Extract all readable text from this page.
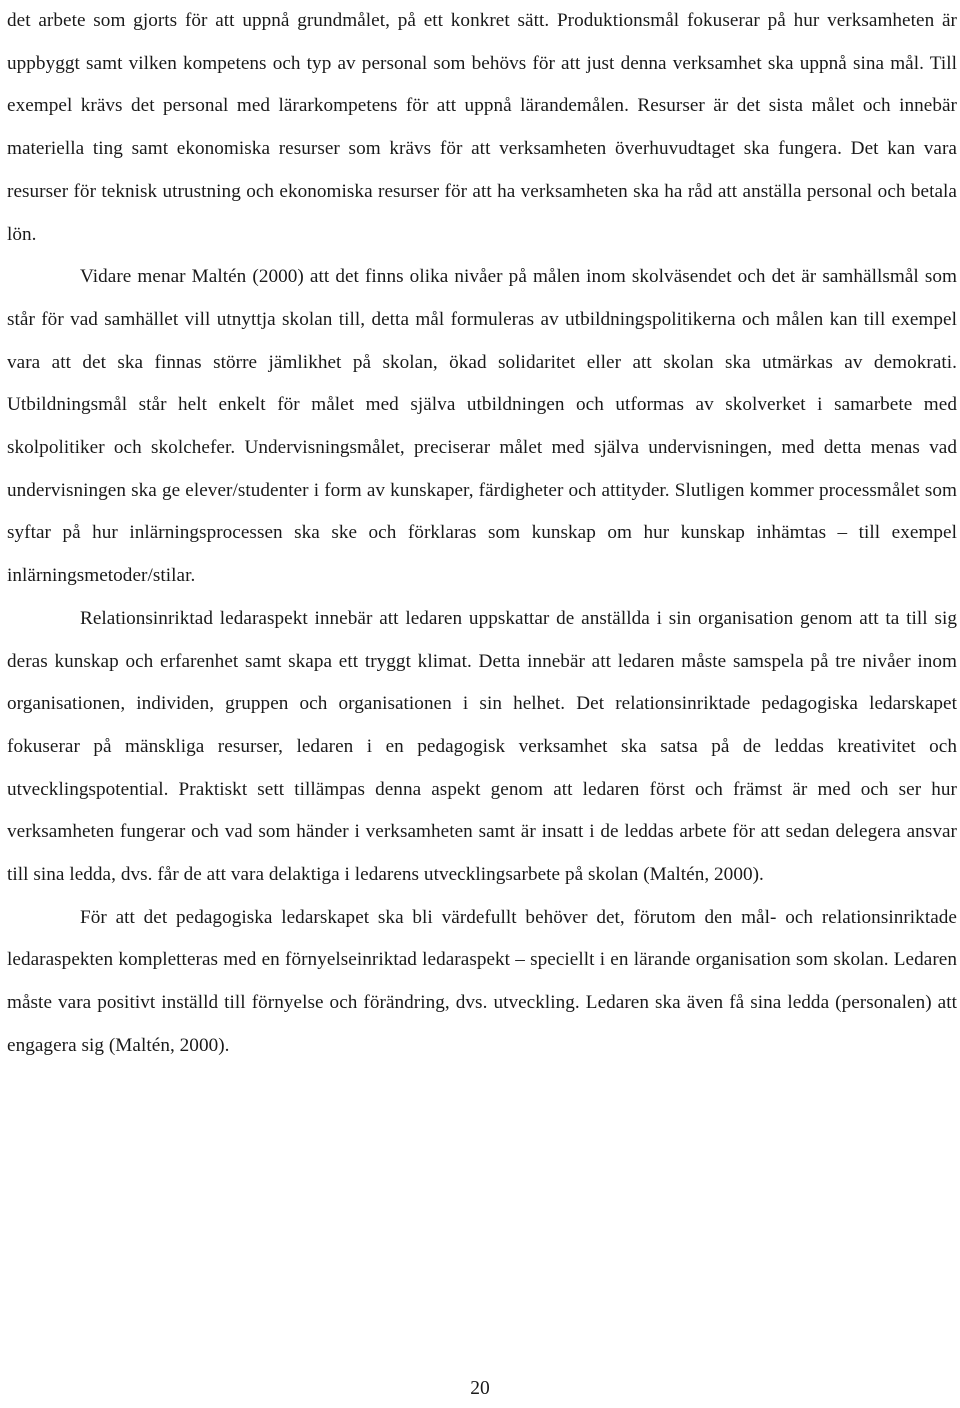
det arbete som gjorts för att uppnå grundmålet, på ett konkret sätt. Produktionsmål fokuserar på hur verksamheten är uppbyggt samt vilken kompetens och typ av personal som behövs för att just denna verksamhet ska uppnå sina mål. Till exempel krävs det personal med lärarkompetens för att uppnå lärandemålen. Resurser är det sista målet och innebär materiella ting samt ekonomiska resurser som krävs för att verksamheten överhuvudtaget ska fungera. Det kan vara resurser för teknisk utrustning och ekonomiska resurser för att ha verksamheten ska ha råd att anställa personal och betala lön.

Vidare menar Maltén (2000) att det finns olika nivåer på målen inom skolväsendet och det är samhällsmål som står för vad samhället vill utnyttja skolan till, detta mål formuleras av utbildningspolitikerna och målen kan till exempel vara att det ska finnas större jämlikhet på skolan, ökad solidaritet eller att skolan ska utmärkas av demokrati. Utbildningsmål står helt enkelt för målet med själva utbildningen och utformas av skolverket i samarbete med skolpolitiker och skolchefer. Undervisningsmålet, preciserar målet med själva undervisningen, med detta menas vad undervisningen ska ge elever/studenter i form av kunskaper, färdigheter och attityder. Slutligen kommer processmålet som syftar på hur inlärningsprocessen ska ske och förklaras som kunskap om hur kunskap inhämtas – till exempel inlärningsmetoder/stilar.

Relationsinriktad ledaraspekt innebär att ledaren uppskattar de anställda i sin organisation genom att ta till sig deras kunskap och erfarenhet samt skapa ett tryggt klimat. Detta innebär att ledaren måste samspela på tre nivåer inom organisationen, individen, gruppen och organisationen i sin helhet. Det relationsinriktade pedagogiska ledarskapet fokuserar på mänskliga resurser, ledaren i en pedagogisk verksamhet ska satsa på de leddas kreativitet och utvecklingspotential. Praktiskt sett tillämpas denna aspekt genom att ledaren först och främst är med och ser hur verksamheten fungerar och vad som händer i verksamheten samt är insatt i de leddas arbete för att sedan delegera ansvar till sina ledda, dvs. får de att vara delaktiga i ledarens utvecklingsarbete på skolan (Maltén, 2000).

För att det pedagogiska ledarskapet ska bli värdefullt behöver det, förutom den mål- och relationsinriktade ledaraspekten kompletteras med en förnyelseinriktad ledaraspekt – speciellt i en lärande organisation som skolan. Ledaren måste vara positivt inställd till förnyelse och förändring, dvs. utveckling. Ledaren ska även få sina ledda (personalen) att engagera sig (Maltén, 2000).

20
